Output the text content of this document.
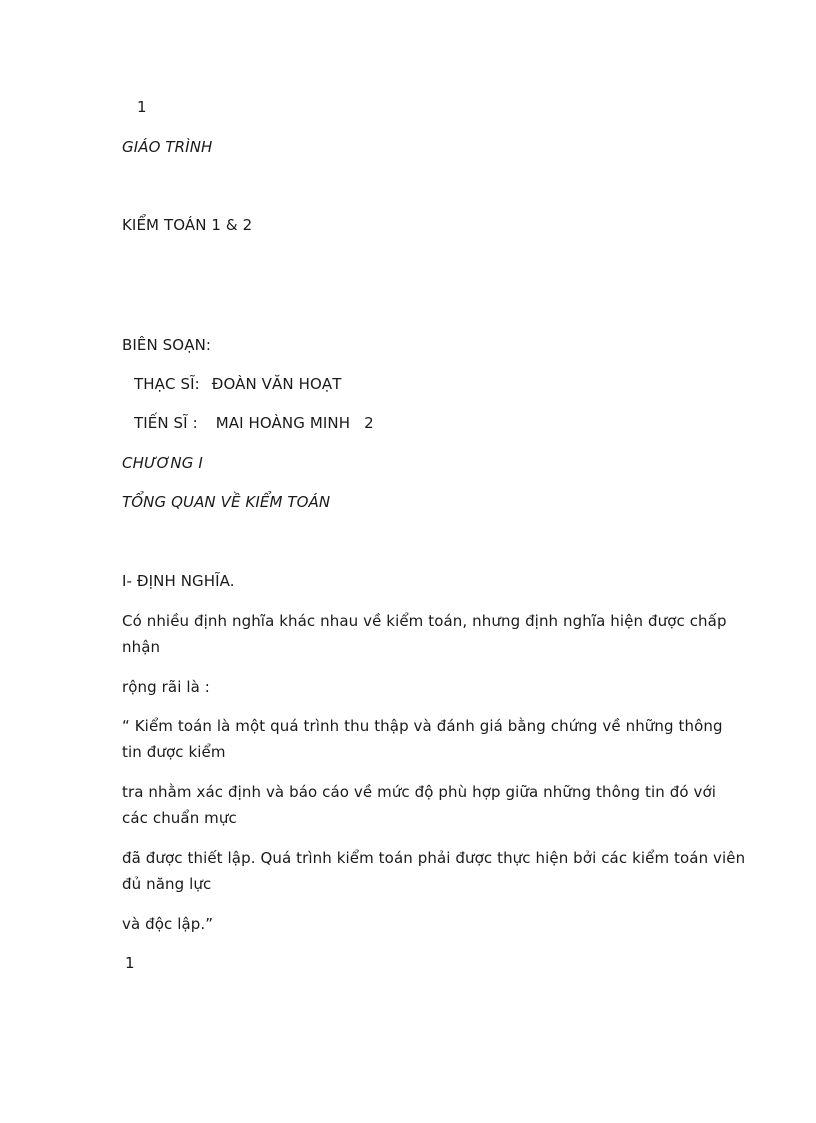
1
GIÁO TRÌNH
KIỂM TOÁN 1 & 2
BIÊN SOẠN:
THẠC SĨ: ĐOÀN VĂN HOẠT
TIẾN SĨ : MAI HOÀNG MINH 2
CHƯƠNG I
TỔNG QUAN VỀ KIỂM TOÁN
I- ĐỊNH NGHĨA.
Có nhiều định nghĩa khác nhau về kiểm toán, nhưng định nghĩa hiện được chấp
nhận
rộng rãi là :
“ Kiểm toán là một quá trình thu thập và đánh giá bằng chứng về những thông
tin được kiểm
tra nhằm xác định và báo cáo về mức độ phù hợp giữa những thông tin đó với
các chuẩn mực
đã được thiết lập. Quá trình kiểm toán phải được thực hiện bởi các kiểm toán viên
đủ năng lực
và độc lập.”
1
